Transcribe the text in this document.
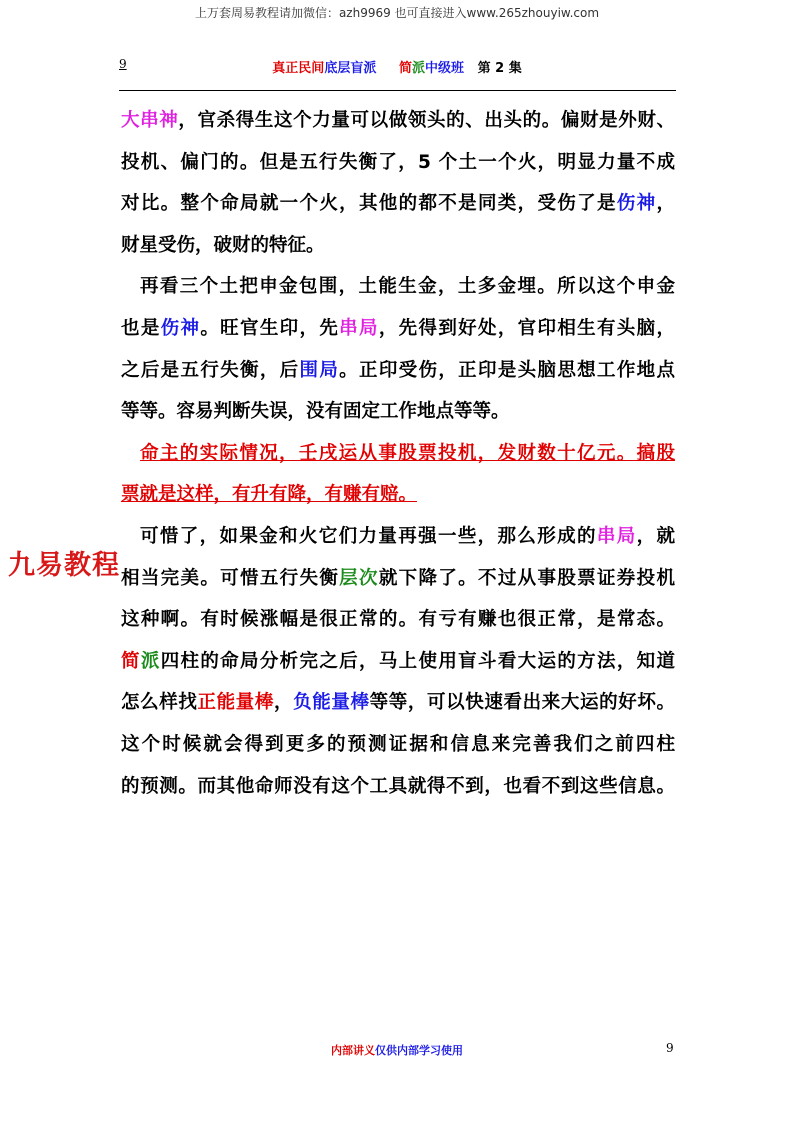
上万套周易教程请加微信：azh9969 也可直接进入www.265zhouyiw.com
9	真正民间底层盲派 简派中级班 第 2 集
大串神，官杀得生这个力量可以做领头的、出头的。偏财是外财、
投机、偏门的。但是五行失衡了，5 个土一个火，明显力量不成
对比。整个命局就一个火，其他的都不是同类，受伤了是伤神，
财星受伤，破财的特征。
再看三个土把申金包围，土能生金，土多金埋。所以这个申金
也是伤神。旺官生印，先串局，先得到好处，官印相生有头脑，
之后是五行失衡，后围局。正印受伤，正印是头脑思想工作地点
等等。容易判断失误，没有固定工作地点等等。
命主的实际情况，壬戌运从事股票投机，发财数十亿元。搞股
票就是这样，有升有降，有赚有赔。
可惜了，如果金和火它们力量再强一些，那么形成的串局，就
相当完美。可惜五行失衡层次就下降了。不过从事股票证券投机
这种啊。有时候涨幅是很正常的。有亏有赚也很正常，是常态。
简派四柱的命局分析完之后，马上使用盲斗看大运的方法，知道
怎么样找正能量棒，负能量棒等等，可以快速看出来大运的好坏。
这个时候就会得到更多的预测证据和信息来完善我们之前四柱
的预测。而其他命师没有这个工具就得不到，也看不到这些信息。
九易教程
内部讲义仅供内部学习使用	9
